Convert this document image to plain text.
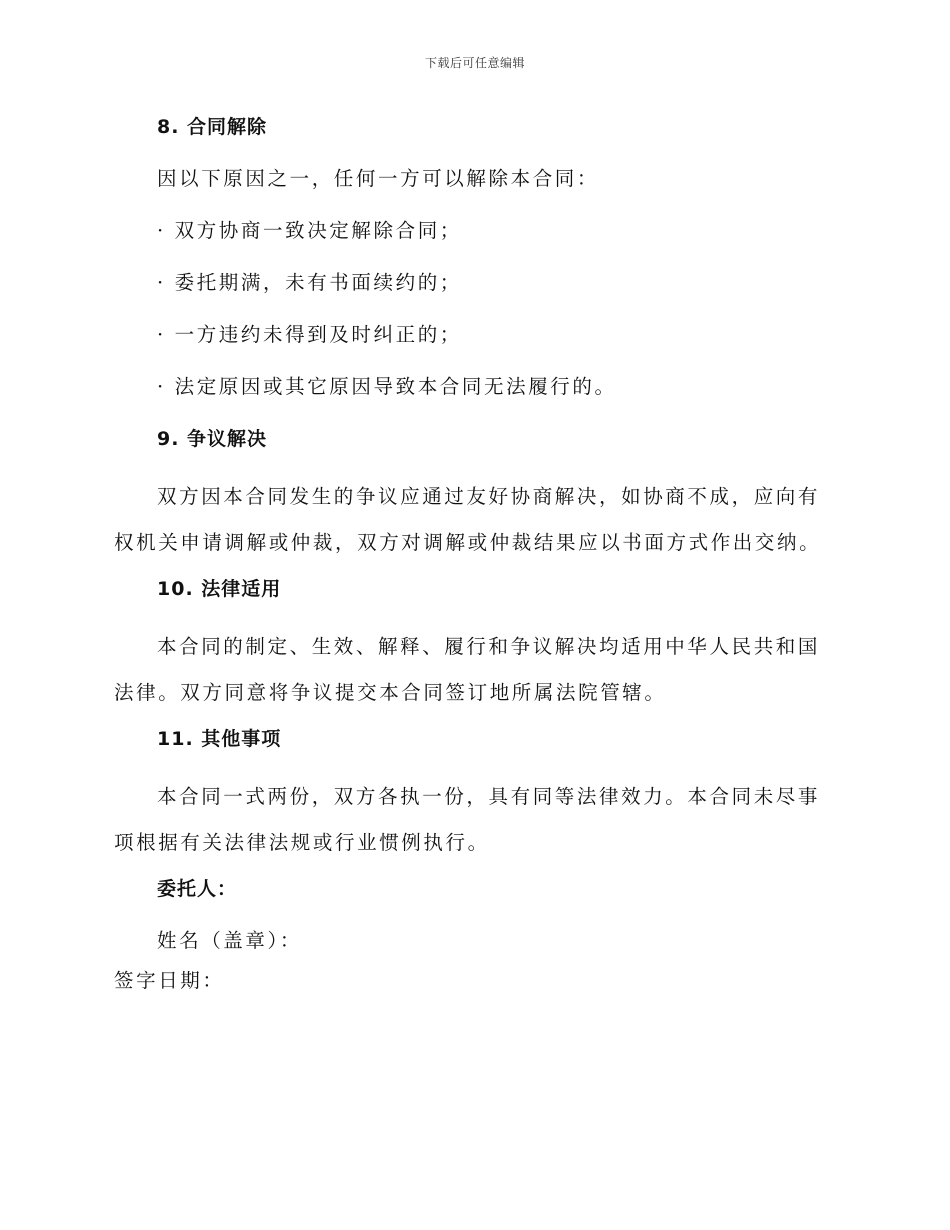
下载后可任意编辑
8. 合同解除
因以下原因之一，任何一方可以解除本合同：
· 双方协商一致决定解除合同；
· 委托期满，未有书面续约的；
· 一方违约未得到及时纠正的；
· 法定原因或其它原因导致本合同无法履行的。
9. 争议解决

双方因本合同发生的争议应通过友好协商解决，如协商不成，应向有权机关申请调解或仲裁，双方对调解或仲裁结果应以书面方式作出交纳。

10. 法律适用

本合同的制定、生效、解释、履行和争议解决均适用中华人民共和国法律。双方同意将争议提交本合同签订地所属法院管辖。

11. 其他事项

本合同一式两份，双方各执一份，具有同等法律效力。本合同未尽事项根据有关法律法规或行业惯例执行。

委托人：
姓名（盖章）：
签字日期：
